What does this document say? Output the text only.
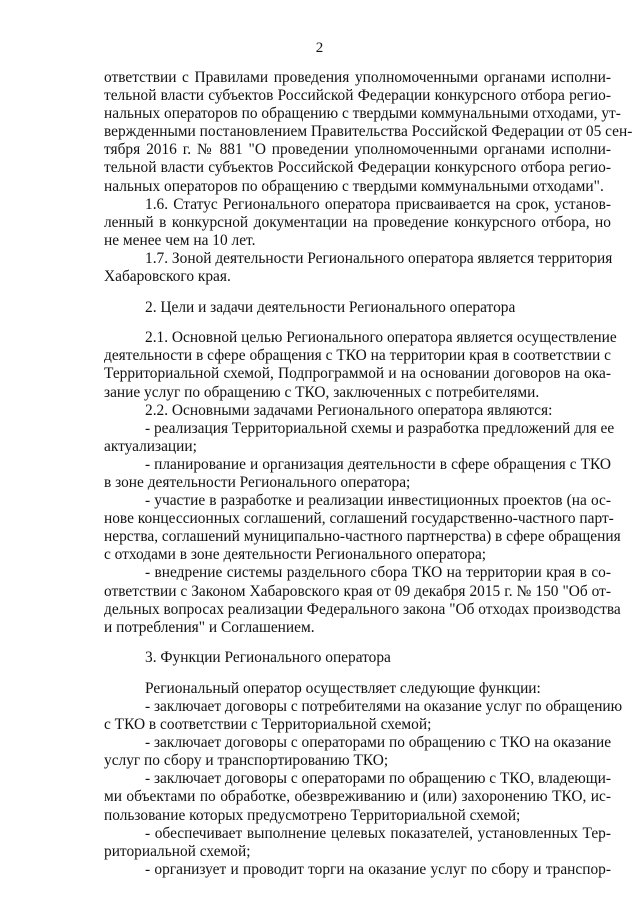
2
ответствии с Правилами проведения уполномоченными органами исполни-
тельной власти субъектов Российской Федерации конкурсного отбора регио-
нальных операторов по обращению с твердыми коммунальными отходами, ут-
вержденными постановлением Правительства Российской Федерации от 05 сен-
тября 2016 г. № 881 "О проведении уполномоченными органами исполни-
тельной власти субъектов Российской Федерации конкурсного отбора регио-
нальных операторов по обращению с твердыми коммунальными отходами".
1.6. Статус Регионального оператора присваивается на срок, установ-
ленный в конкурсной документации на проведение конкурсного отбора, но
не менее чем на 10 лет.
1.7. Зоной деятельности Регионального оператора является территория
Хабаровского края.
2. Цели и задачи деятельности Регионального оператора
2.1. Основной целью Регионального оператора является осуществление
деятельности в сфере обращения с ТКО на территории края в соответствии с
Территориальной схемой, Подпрограммой и на основании договоров на ока-
зание услуг по обращению с ТКО, заключенных с потребителями.
2.2. Основными задачами Регионального оператора являются:
- реализация Территориальной схемы и разработка предложений для ее
актуализации;
- планирование и организация деятельности в сфере обращения с ТКО
в зоне деятельности Регионального оператора;
- участие в разработке и реализации инвестиционных проектов (на ос-
нове концессионных соглашений, соглашений государственно-частного парт-
нерства, соглашений муниципально-частного партнерства) в сфере обращения
с отходами в зоне деятельности Регионального оператора;
- внедрение системы раздельного сбора ТКО на территории края в со-
ответствии с Законом Хабаровского края от 09 декабря 2015 г. № 150 "Об от-
дельных вопросах реализации Федерального закона "Об отходах производства
и потребления" и Соглашением.
3. Функции Регионального оператора
Региональный оператор осуществляет следующие функции:
- заключает договоры с потребителями на оказание услуг по обращению
с ТКО в соответствии с Территориальной схемой;
- заключает договоры с операторами по обращению с ТКО на оказание
услуг по сбору и транспортированию ТКО;
- заключает договоры с операторами по обращению с ТКО, владеющи-
ми объектами по обработке, обезвреживанию и (или) захоронению ТКО, ис-
пользование которых предусмотрено Территориальной схемой;
- обеспечивает выполнение целевых показателей, установленных Тер-
риториальной схемой;
- организует и проводит торги на оказание услуг по сбору и транспор-
